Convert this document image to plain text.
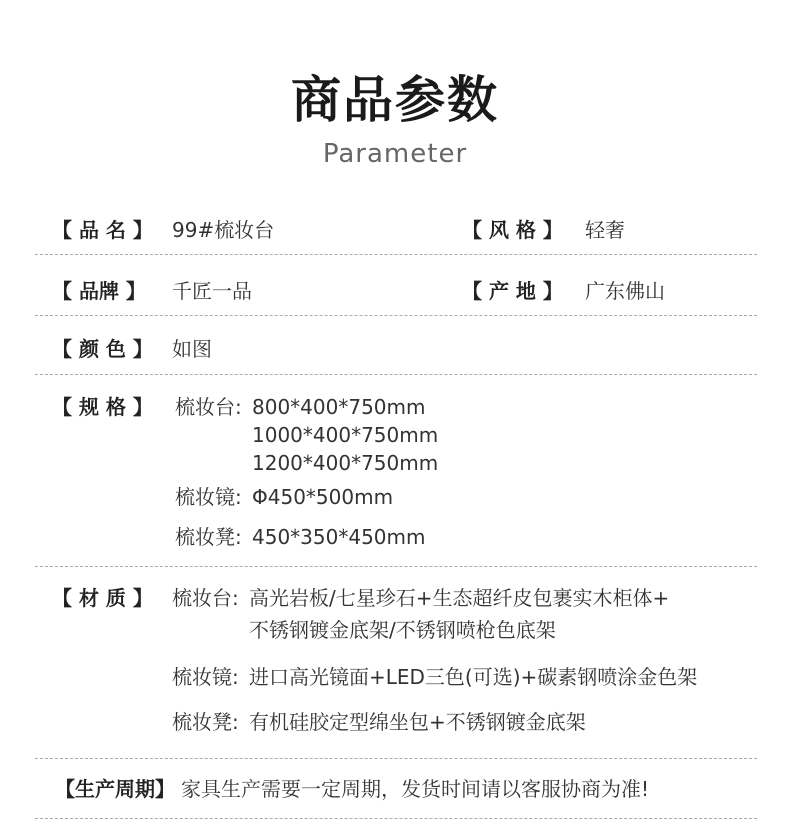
商品参数
Parameter
【 品 名 】 99#梳妆台	【 风 格 】 轻奢
【 品牌 】 千匠一品	【 产 地 】 广东佛山
【 颜 色 】 如图
【 规 格 】 梳妆台: 800*400*750mm
1000*400*750mm
1200*400*750mm
梳妆镜: Φ450*500mm
梳妆凳: 450*350*450mm
【 材 质 】 梳妆台: 高光岩板/七星珍石+生态超纤皮包裹实木柜体+
不锈钢镀金底架/不锈钢喷枪色底架
梳妆镜: 进口高光镜面+LED三色(可选)+碳素钢喷涂金色架
梳妆凳: 有机硅胶定型绵坐包+不锈钢镀金底架
【生产周期】 家具生产需要一定周期，发货时间请以客服协商为准!
